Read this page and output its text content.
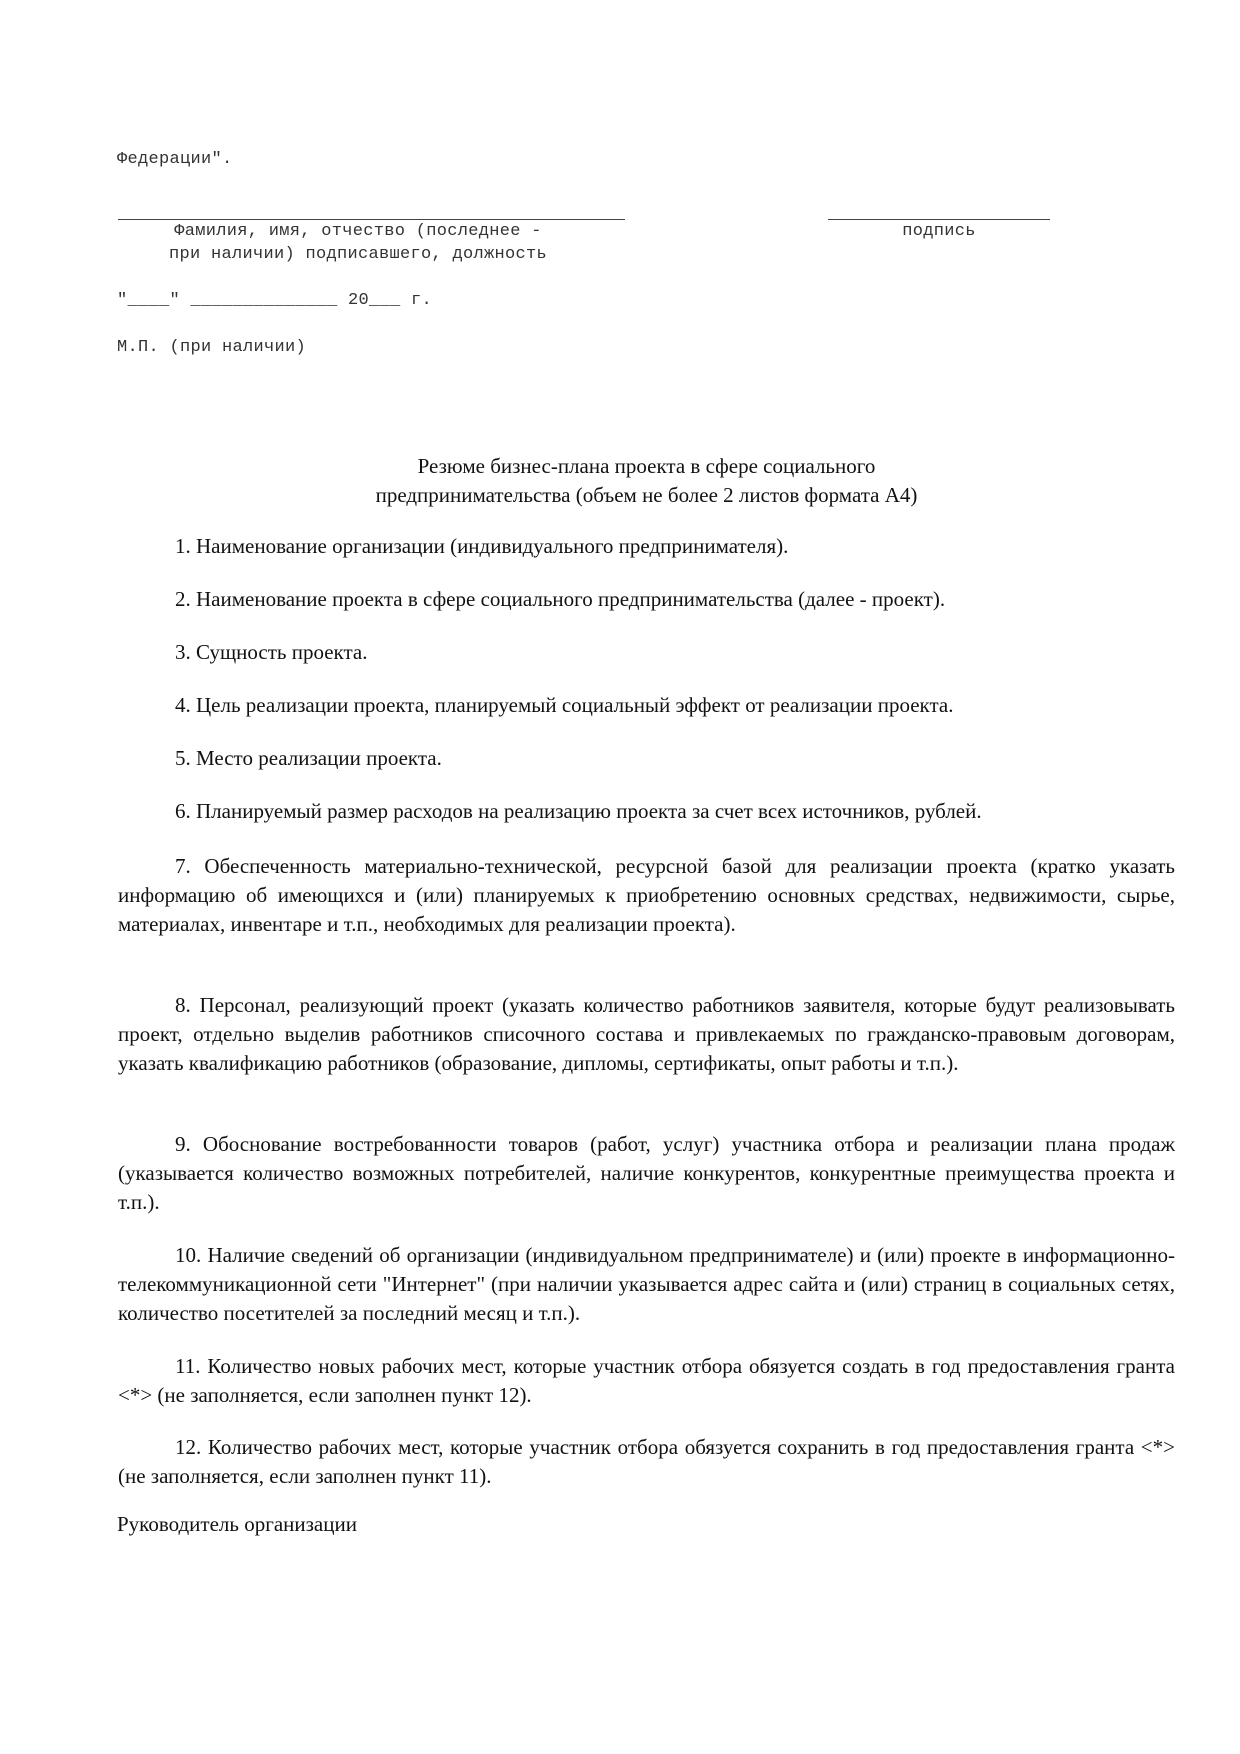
Федерации".
Фамилия, имя, отчество (последнее -
при наличии) подписавшего, должность
подпись
"____" ______________ 20___ г.
М.П. (при наличии)
Резюме бизнес-плана проекта в сфере социального
предпринимательства (объем не более 2 листов формата А4)
1. Наименование организации (индивидуального предпринимателя).
2. Наименование проекта в сфере социального предпринимательства (далее - проект).
3. Сущность проекта.
4. Цель реализации проекта, планируемый социальный эффект от реализации проекта.
5. Место реализации проекта.
6. Планируемый размер расходов на реализацию проекта за счет всех источников, рублей.
7. Обеспеченность материально-технической, ресурсной базой для реализации проекта (кратко указать информацию об имеющихся и (или) планируемых к приобретению основных средствах, недвижимости, сырье, материалах, инвентаре и т.п., необходимых для реализации проекта).
8. Персонал, реализующий проект (указать количество работников заявителя, которые будут реализовывать проект, отдельно выделив работников списочного состава и привлекаемых по гражданско-правовым договорам, указать квалификацию работников (образование, дипломы, сертификаты, опыт работы и т.п.).
9. Обоснование востребованности товаров (работ, услуг) участника отбора и реализации плана продаж (указывается количество возможных потребителей, наличие конкурентов, конкурентные преимущества проекта и т.п.).
10. Наличие сведений об организации (индивидуальном предпринимателе) и (или) проекте в информационно-телекоммуникационной сети "Интернет" (при наличии указывается адрес сайта и (или) страниц в социальных сетях, количество посетителей за последний месяц и т.п.).
11. Количество новых рабочих мест, которые участник отбора обязуется создать в год предоставления гранта <*> (не заполняется, если заполнен пункт 12).
12. Количество рабочих мест, которые участник отбора обязуется сохранить в год предоставления гранта <*> (не заполняется, если заполнен пункт 11).
Руководитель организации
